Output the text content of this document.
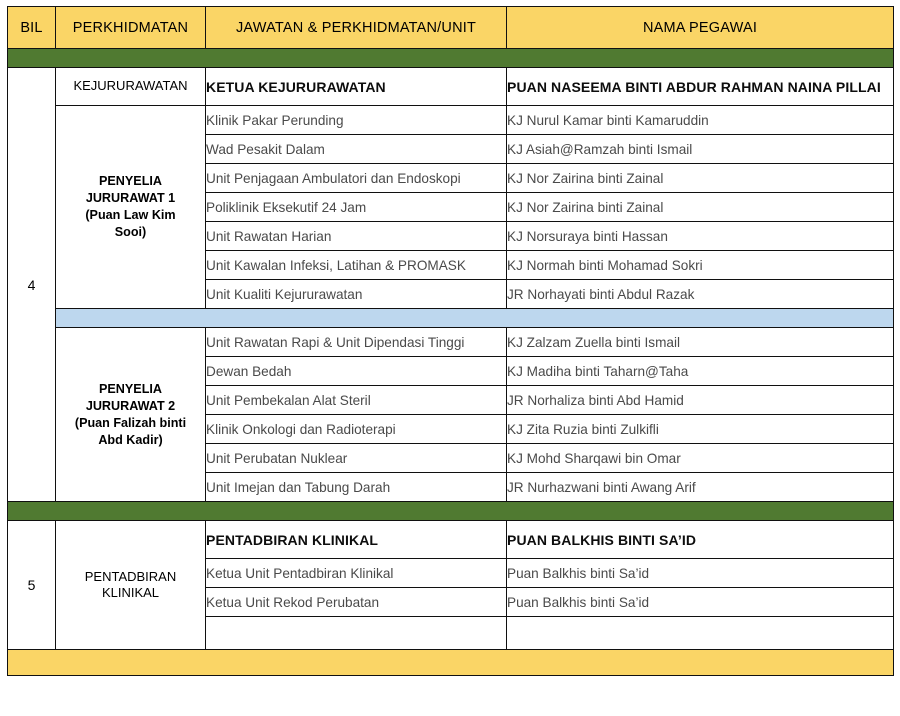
BIL	PERKHIDMATAN	JAWATAN & PERKHIDMATAN/UNIT	NAMA PEGAWAI

4	KEJURURAWATAN	KETUA KEJURURAWATAN	PUAN NASEEMA BINTI ABDUR RAHMAN NAINA PILLAI
	PENYELIA
JURURAWAT 1
(Puan Law Kim
Sooi)	Klinik Pakar Perunding	KJ Nurul Kamar binti Kamaruddin
		Wad Pesakit Dalam	KJ Asiah@Ramzah binti Ismail
		Unit Penjagaan Ambulatori dan Endoskopi	KJ Nor Zairina binti Zainal
		Poliklinik Eksekutif 24 Jam	KJ Nor Zairina binti Zainal
		Unit Rawatan Harian	KJ Norsuraya binti Hassan
		Unit Kawalan Infeksi, Latihan & PROMASK	KJ Normah binti Mohamad Sokri
		Unit Kualiti Kejururawatan	JR Norhayati binti Abdul Razak

	PENYELIA
JURURAWAT 2
(Puan Falizah binti
Abd Kadir)	Unit Rawatan Rapi & Unit Dipendasi Tinggi	KJ Zalzam Zuella binti Ismail
		Dewan Bedah	KJ Madiha binti Taharn@Taha
		Unit Pembekalan Alat Steril	JR Norhaliza binti Abd Hamid
		Klinik Onkologi dan Radioterapi	KJ Zita Ruzia binti Zulkifli
		Unit Perubatan Nuklear	KJ Mohd Sharqawi bin Omar
		Unit Imejan dan Tabung Darah	JR Nurhazwani binti Awang Arif

5	PENTADBIRAN
KLINIKAL	PENTADBIRAN KLINIKAL	PUAN BALKHIS BINTI SA’ID
		Ketua Unit Pentadbiran Klinikal	Puan Balkhis binti Sa’id
		Ketua Unit Rekod Perubatan	Puan Balkhis binti Sa’id
